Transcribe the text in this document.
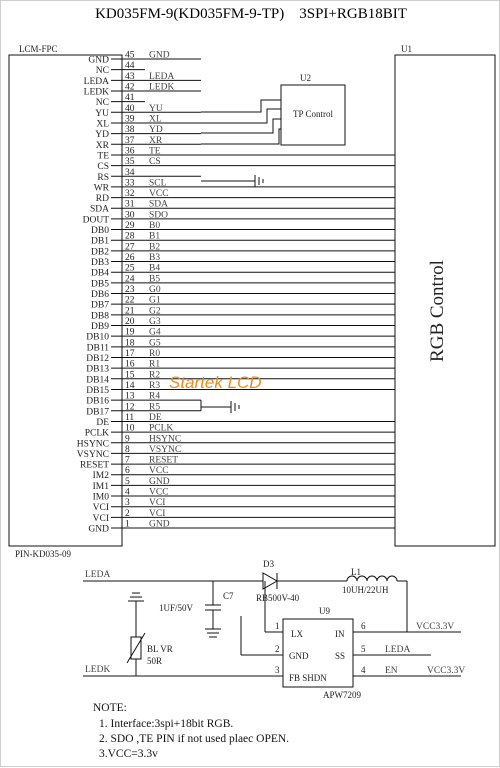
KD035FM-9(KD035FM-9-TP)    3SPI+RGB18BIT
LCM-FPC	U1
RGB Control
U2
TP Control
GND 45 GND
NC 44
LEDA 43 LEDA
LEDK 42 LEDK
NC 41
YU 40 YU
XL 39 XL
YD 38 YD
XR 37 XR
TE 36 TE
CS 35 CS
RS 34
WR 33 SCL
RD 32 VCC
SDA 31 SDA
DOUT 30 SDO
DB0 29 B0
DB1 28 B1
DB2 27 B2
DB3 26 B3
DB4 25 B4
DB5 24 B5
DB6 23 G0
DB7 22 G1
DB8 21 G2
DB9 20 G3
DB10 19 G4
DB11 18 G5
DB12 17 R0
DB13 16 R1
DB14 15 R2
DB15 14 R3
DB16 13 R4
DB17 12 R5
DE 11 DE
PCLK 10 PCLK
HSYNC 9 HSYNC
VSYNC 8 VSYNC
RESET 7 RESET
IM2 6 VCC
IM1 5 GND
IM0 4 VCC
VCI 3 VCI
VCI 2 VCI
GND 1 GND
PIN-KD035-09
Startek LCD
LEDA
LEDK
D3
RB500V-40
L1
10UH/22UH
C7
1UF/50V
BL VR
50R
U9
LX	IN
GND	SS
FB SHDN
APW7209
1
2
3
6
5
4
LEDA
EN
VCC3.3V
VCC3.3V
NOTE:
1. Interface:3spi+18bit RGB.
2. SDO ,TE PIN if not used plaec OPEN.
3.VCC=3.3v
